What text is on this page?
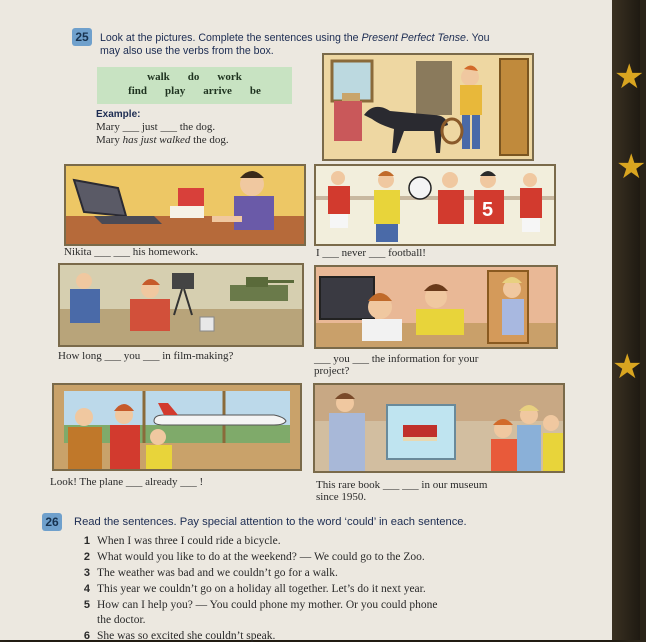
25	Look at the pictures. Complete the sentences using the Present Perfect Tense. You
may also use the verbs from the box.
walk do work
find play arrive be
Example:
Mary ___ just ___ the dog.
Mary has just walked the dog.
5
Nikita ___ ___ his homework.	I ___ never ___ football!
How long ___ you ___ in film-making?	___ you ___ the information for your
project?
Look! The plane ___ already ___ !	This rare book ___ ___ in our museum
since 1950.
26 Read the sentences. Pay special attention to the word ‘could’ in each sentence.
1 When I was three I could ride a bicycle.
2 What would you like to do at the weekend? — We could go to the Zoo.
3 The weather was bad and we couldn’t go for a walk.
4 This year we couldn’t go on a holiday all together. Let’s do it next year.
5 How can I help you? — You could phone my mother. Or you could phone
the doctor.
6 She was so excited she couldn’t speak.
★
★
★
